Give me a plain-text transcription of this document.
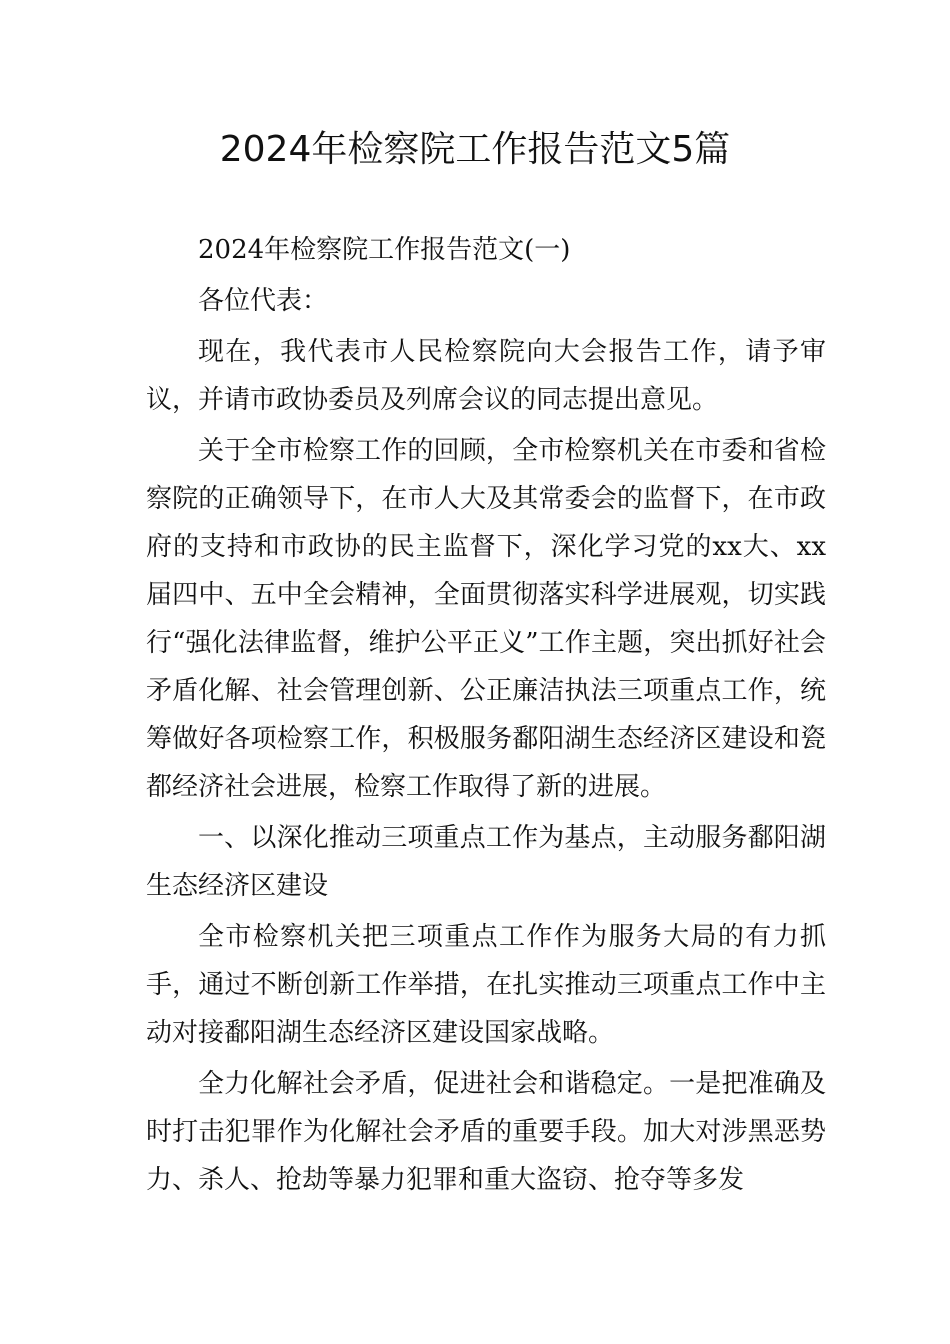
2024年检察院工作报告范文5篇

2024年检察院工作报告范文(一)

各位代表：

现在，我代表市人民检察院向大会报告工作，请予审议，并请市政协委员及列席会议的同志提出意见。

关于全市检察工作的回顾，全市检察机关在市委和省检察院的正确领导下，在市人大及其常委会的监督下，在市政府的支持和市政协的民主监督下，深化学习党的xx大、xx届四中、五中全会精神，全面贯彻落实科学进展观，切实践行“强化法律监督，维护公平正义”工作主题，突出抓好社会矛盾化解、社会管理创新、公正廉洁执法三项重点工作，统筹做好各项检察工作，积极服务鄱阳湖生态经济区建设和瓷都经济社会进展，检察工作取得了新的进展。

一、以深化推动三项重点工作为基点，主动服务鄱阳湖生态经济区建设

全市检察机关把三项重点工作作为服务大局的有力抓手，通过不断创新工作举措，在扎实推动三项重点工作中主动对接鄱阳湖生态经济区建设国家战略。

全力化解社会矛盾，促进社会和谐稳定。一是把准确及时打击犯罪作为化解社会矛盾的重要手段。加大对涉黑恶势力、杀人、抢劫等暴力犯罪和重大盗窃、抢夺等多发
